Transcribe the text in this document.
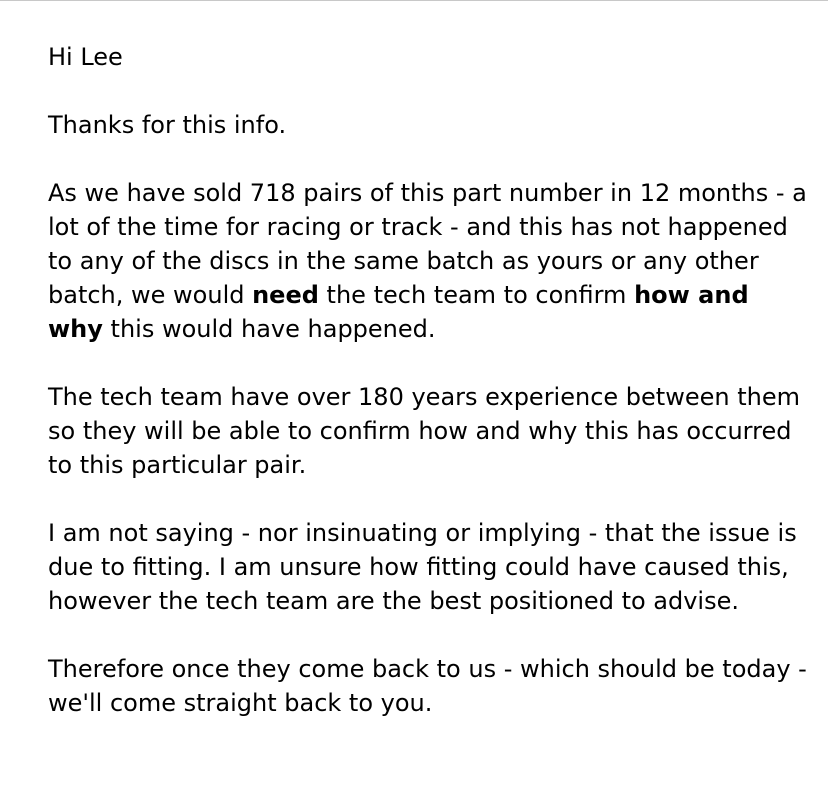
Hi Lee

Thanks for this info.

As we have sold 718 pairs of this part number in 12 months - a lot of the time for racing or track - and this has not happened to any of the discs in the same batch as yours or any other batch, we would need the tech team to confirm how and why this would have happened.

The tech team have over 180 years experience between them so they will be able to confirm how and why this has occurred to this particular pair.

I am not saying - nor insinuating or implying - that the issue is due to fitting. I am unsure how fitting could have caused this, however the tech team are the best positioned to advise.

Therefore once they come back to us - which should be today - we'll come straight back to you.
